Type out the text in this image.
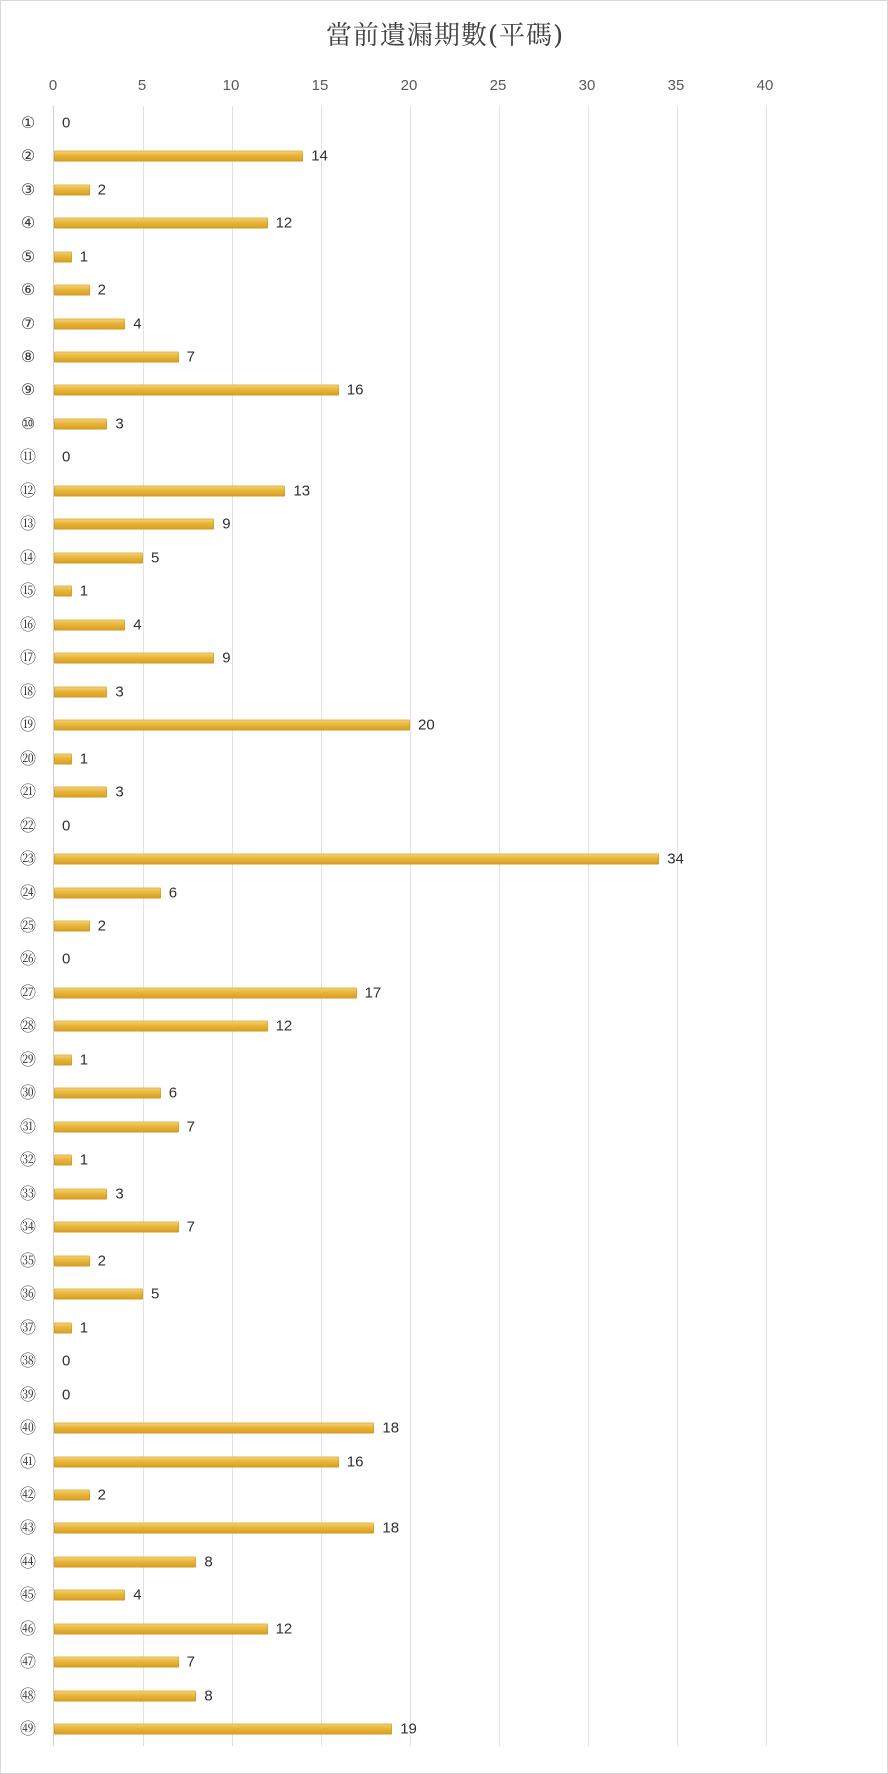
當前遺漏期數(平碼)
0	5	10	15	20	25	30	35	40
①	0
②	14
③	2
④	12
⑤	1
⑥	2
⑦	4
⑧	7
⑨	16
⑩	3
⑪	0
⑫	13
⑬	9
⑭	5
⑮	1
⑯	4
⑰	9
⑱	3
⑲	20
⑳	1
㉑	3
㉒	0
㉓	34
㉔	6
㉕	2
㉖	0
㉗	17
㉘	12
㉙	1
㉚	6
㉛	7
㉜	1
㉝	3
㉞	7
㉟	2
㊱	5
㊲	1
㊳	0
㊴	0
㊵	18
㊶	16
㊷	2
㊸	18
㊹	8
㊺	4
㊻	12
㊼	7
㊽	8
㊾	19
